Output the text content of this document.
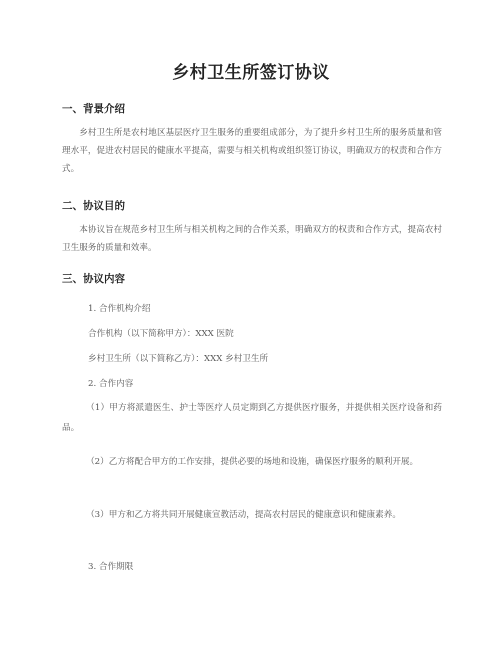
乡村卫生所签订协议
一、背景介绍
乡村卫生所是农村地区基层医疗卫生服务的重要组成部分，为了提升乡村卫生所的服务质量和管理水平，促进农村居民的健康水平提高，需要与相关机构或组织签订协议，明确双方的权责和合作方式。
二、协议目的
本协议旨在规范乡村卫生所与相关机构之间的合作关系，明确双方的权责和合作方式，提高农村卫生服务的质量和效率。
三、协议内容
1. 合作机构介绍
合作机构（以下简称甲方）：XXX 医院
乡村卫生所（以下简称乙方）：XXX 乡村卫生所
2. 合作内容
（1）甲方将派遣医生、护士等医疗人员定期到乙方提供医疗服务，并提供相关医疗设备和药品。
（2）乙方将配合甲方的工作安排，提供必要的场地和设施，确保医疗服务的顺利开展。
（3）甲方和乙方将共同开展健康宣教活动，提高农村居民的健康意识和健康素养。
3. 合作期限
